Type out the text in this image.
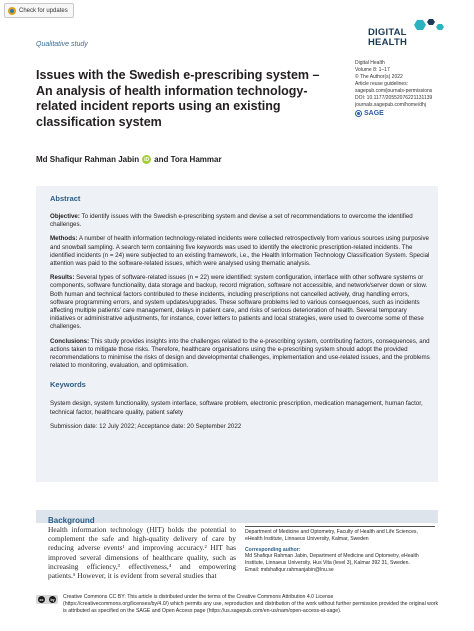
Check for updates
Qualitative study
DIGITAL
HEALTH
Digital Health
Volume 8: 1–17
© The Author(s) 2022
Article reuse guidelines:
sagepub.com/journals-permissions
DOI: 10.1177/20552076221131139
journals.sagepub.com/home/dhj
SAGE
Issues with the Swedish e-prescribing system – An analysis of health information technology-related incident reports using an existing classification system
Md Shafiqur Rahman Jabin	iD and Tora Hammar
Abstract

Objective: To identify issues with the Swedish e-prescribing system and devise a set of recommendations to overcome the identified challenges.

Methods: A number of health information technology-related incidents were collected retrospectively from various sources using purposive and snowball sampling. A search term containing five keywords was used to identify the electronic prescription-related incidents. The identified incidents (n = 24) were subjected to an existing framework, i.e., the Health Information Technology Classification System. Special attention was paid to the software-related issues, which were analysed using thematic analysis.

Results: Several types of software-related issues (n = 22) were identified: system configuration, interface with other software systems or components, software functionality, data storage and backup, record migration, software not accessible, and network/server down or slow. Both human and technical factors contributed to these incidents, including prescriptions not cancelled actively, drug handling errors, software programming errors, and system updates/upgrades. These software problems led to various consequences, such as incidents affecting multiple patients' care management, delays in patient care, and risks of serious deterioration of health. Several temporary initiatives or administrative adjustments, for instance, cover letters to patients and local strategies, were used to overcome some of these challenges.

Conclusions: This study provides insights into the challenges related to the e-prescribing system, contributing factors, consequences, and actions taken to mitigate those risks. Therefore, healthcare organisations using the e-prescribing system should adopt the provided recommendations to minimise the risks of design and developmental challenges, implementation and use-related issues, and the problems related to monitoring, evaluation, and optimisation.

Keywords

System design, system functionality, system interface, software problem, electronic prescription, medication management, human factor, technical factor, healthcare quality, patient safety

Submission date: 12 July 2022; Acceptance date: 20 September 2022

Background

Health information technology (HIT) holds the potential to complement the safe and high-quality delivery of care by reducing adverse events¹ and improving accuracy.² HIT has improved several dimensions of healthcare quality, such as increasing efficiency,³ effectiveness,⁴ and empowering patients.⁵ However, it is evident from several studies that

Department of Medicine and Optometry, Faculty of Health and Life Sciences, eHealth Institute, Linnaeus University, Kalmar, Sweden
Corresponding author:
Md Shafiqur Rahman Jabin, Department of Medicine and Optometry, eHealth Institute, Linnaeus University, Hus Vita (level 3), Kalmar 392 31, Sweden.
Email: mdshafiqur.rahmanjabin@lnu.se
cc	by Creative Commons CC BY: This article is distributed under the terms of the Creative Commons Attribution 4.0 License (https://creativecommons.org/licenses/by/4.0/) which permits any use, reproduction and distribution of the work without further permission provided the original work is attributed as specified on the SAGE and Open Access page (https://us.sagepub.com/en-us/nam/open-access-at-sage).
